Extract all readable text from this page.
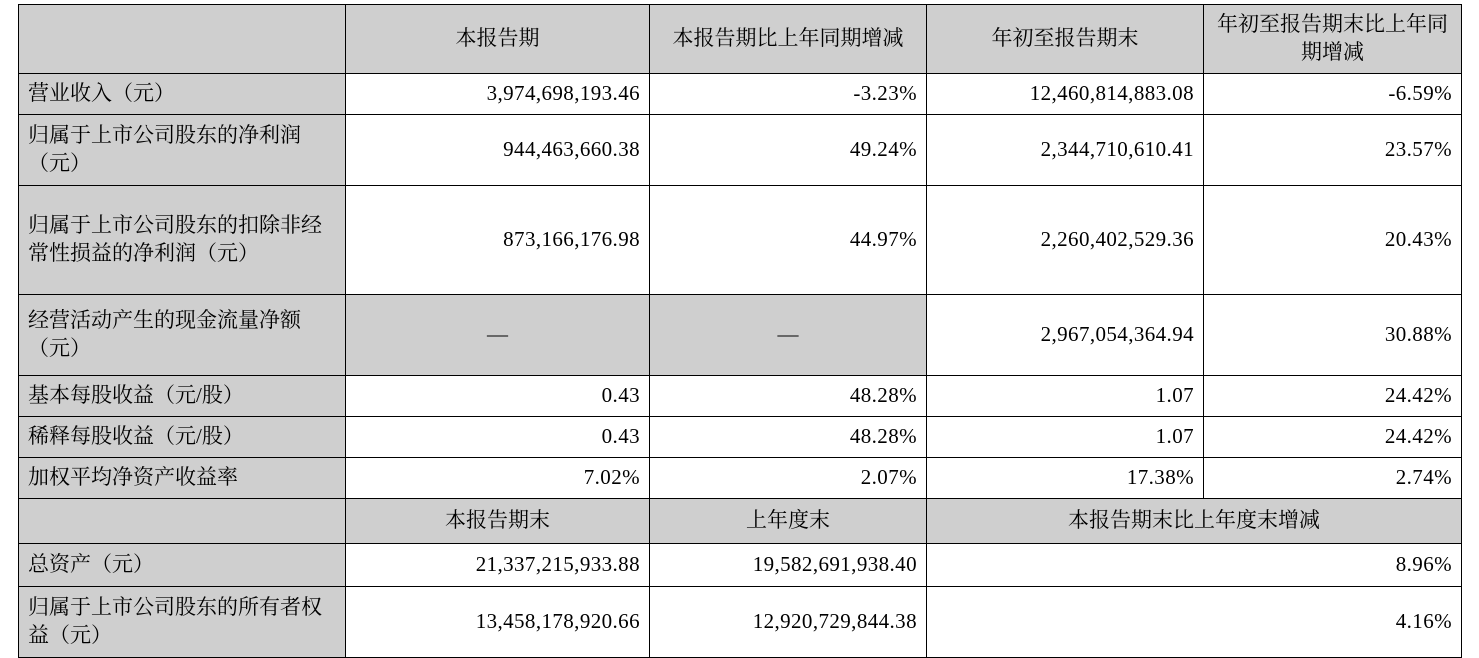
	本报告期	本报告期比上年同期增减	年初至报告期末	年初至报告期末比上年同期增减
营业收入（元）	3,974,698,193.46	-3.23%	12,460,814,883.08	-6.59%
归属于上市公司股东的净利润（元）	944,463,660.38	49.24%	2,344,710,610.41	23.57%
归属于上市公司股东的扣除非经常性损益的净利润（元）	873,166,176.98	44.97%	2,260,402,529.36	20.43%
经营活动产生的现金流量净额（元）	—	—	2,967,054,364.94	30.88%
基本每股收益（元/股）	0.43	48.28%	1.07	24.42%
稀释每股收益（元/股）	0.43	48.28%	1.07	24.42%
加权平均净资产收益率	7.02%	2.07%	17.38%	2.74%
	本报告期末	上年度末	本报告期末比上年度末增减	
总资产（元）	21,337,215,933.88	19,582,691,938.40	8.96%	
归属于上市公司股东的所有者权益（元）	13,458,178,920.66	12,920,729,844.38	4.16%	
